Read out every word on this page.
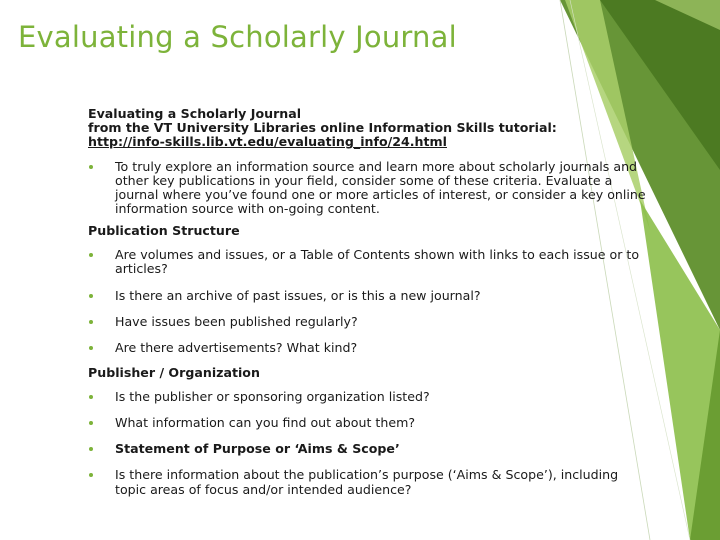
Evaluating a Scholarly Journal
Evaluating a Scholarly Journal
from the VT University Libraries online Information Skills tutorial:
http://info-skills.lib.vt.edu/evaluating_info/24.html
To truly explore an information source and learn more about scholarly journals and other key publications in your field, consider some of these criteria. Evaluate a journal where you’ve found one or more articles of interest, or consider a key online information source with on-going content.
Publication Structure
Are volumes and issues, or a Table of Contents shown with links to each issue or to articles?
Is there an archive of past issues, or is this a new journal?
Have issues been published regularly?
Are there advertisements? What kind?
Publisher / Organization
Is the publisher or sponsoring organization listed?
What information can you find out about them?
Statement of Purpose or ‘Aims & Scope’
Is there information about the publication’s purpose (‘Aims & Scope’), including topic areas of focus and/or intended audience?
